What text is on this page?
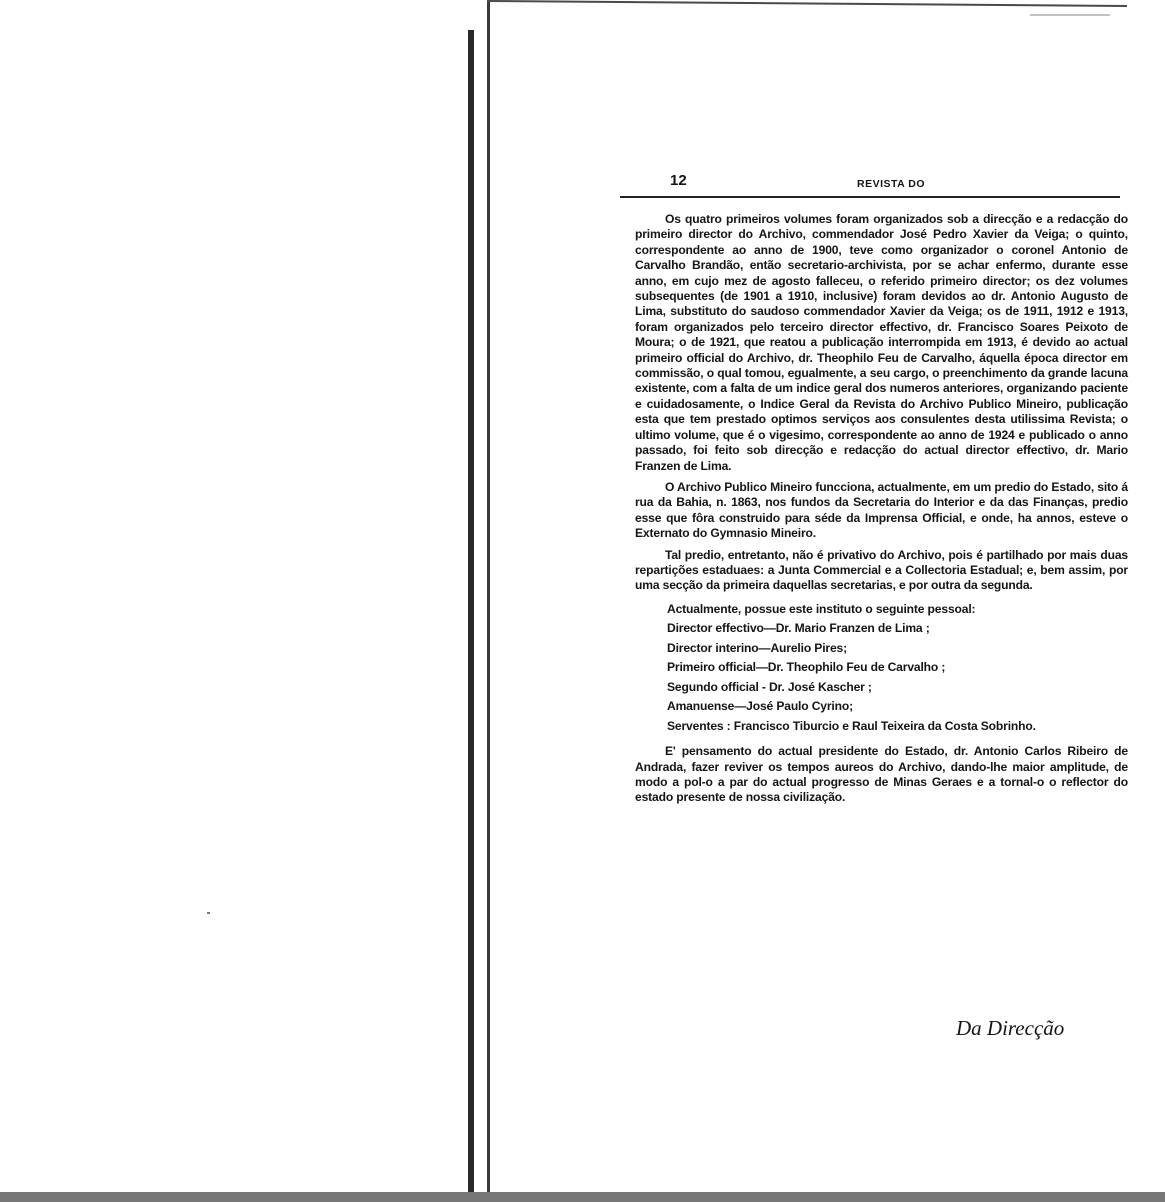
12	REVISTA DO

Os quatro primeiros volumes foram organizados sob a direcção e a redacção do primeiro director do Archivo, commendador José Pedro Xavier da Veiga; o quinto, correspondente ao anno de 1900, teve como organizador o coronel Antonio de Carvalho Brandão, então secretario-archivista, por se achar enfermo, durante esse anno, em cujo mez de agosto falleceu, o referido primeiro director; os dez volumes subsequentes (de 1901 a 1910, inclusive) foram devidos ao dr. Antonio Augusto de Lima, substituto do saudoso commendador Xavier da Veiga; os de 1911, 1912 e 1913, foram organizados pelo terceiro director effectivo, dr. Francisco Soares Peixoto de Moura; o de 1921, que reatou a publicação interrompida em 1913, é devido ao actual primeiro official do Archivo, dr. Theophilo Feu de Carvalho, áquella época director em commissão, o qual tomou, egualmente, a seu cargo, o preenchimento da grande lacuna existente, com a falta de um indice geral dos numeros anteriores, organizando paciente e cuidadosamente, o Indice Geral da Revista do Archivo Publico Mineiro, publicação esta que tem prestado optimos serviços aos consulentes desta utilissima Revista; o ultimo volume, que é o vigesimo, correspondente ao anno de 1924 e publicado o anno passado, foi feito sob direcção e redacção do actual director effectivo, dr. Mario Franzen de Lima.

O Archivo Publico Mineiro funcciona, actualmente, em um predio do Estado, sito á rua da Bahia, n. 1863, nos fundos da Secretaria do Interior e da das Finanças, predio esse que fôra construido para séde da Imprensa Official, e onde, ha annos, esteve o Externato do Gymnasio Mineiro.

Tal predio, entretanto, não é privativo do Archivo, pois é partilhado por mais duas repartições estaduaes: a Junta Commercial e a Collectoria Estadual; e, bem assim, por uma secção da primeira daquellas secretarias, e por outra da segunda.

Actualmente, possue este instituto o seguinte pessoal:
Director effectivo—Dr. Mario Franzen de Lima ;
Director interino—Aurelio Pires;
Primeiro official—Dr. Theophilo Feu de Carvalho ;
Segundo official - Dr. José Kascher ;
Amanuense—José Paulo Cyrino;
Serventes : Francisco Tiburcio e Raul Teixeira da Costa Sobrinho.

E' pensamento do actual presidente do Estado, dr. Antonio Carlos Ribeiro de Andrada, fazer reviver os tempos aureos do Archivo, dando-lhe maior amplitude, de modo a pol-o a par do actual progresso de Minas Geraes e a tornal-o o reflector do estado presente de nossa civilização.

Da Direcção
